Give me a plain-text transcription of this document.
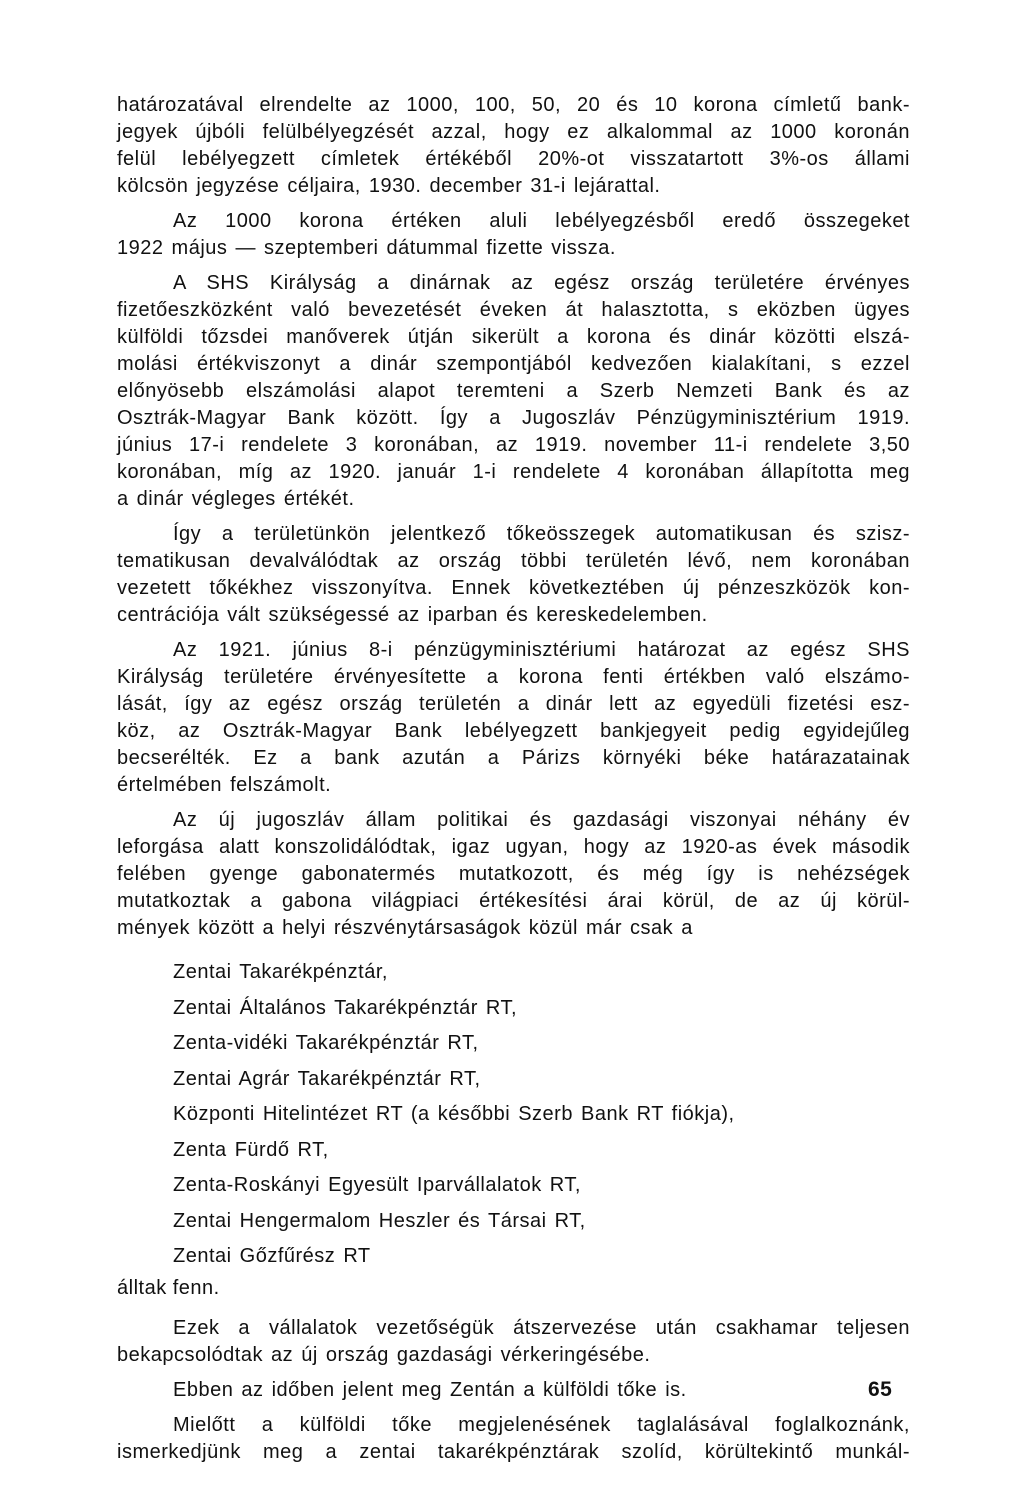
határozatával elrendelte az 1000, 100, 50, 20 és 10 korona címletű bank-
jegyek újbóli felülbélyegzését azzal, hogy ez alkalommal az 1000 koronán
felül lebélyegzett címletek értékéből 20%-ot visszatartott 3%-os állami
kölcsön jegyzése céljaira, 1930. december 31-i lejárattal.

Az 1000 korona értéken aluli lebélyegzésből eredő összegeket
1922 május — szeptemberi dátummal fizette vissza.

A SHS Királyság a dinárnak az egész ország területére érvényes
fizetőeszközként való bevezetését éveken át halasztotta, s eközben ügyes
külföldi tőzsdei manőverek útján sikerült a korona és dinár közötti elszá-
molási értékviszonyt a dinár szempontjából kedvezően kialakítani, s ezzel
előnyösebb elszámolási alapot teremteni a Szerb Nemzeti Bank és az
Osztrák-Magyar Bank között. Így a Jugoszláv Pénzügyminisztérium 1919.
június 17-i rendelete 3 koronában, az 1919. november 11-i rendelete 3,50
koronában, míg az 1920. január 1-i rendelete 4 koronában állapította meg
a dinár végleges értékét.

Így a területünkön jelentkező tőkeösszegek automatikusan és szisz-
tematikusan devalválódtak az ország többi területén lévő, nem koronában
vezetett tőkékhez visszonyítva. Ennek következtében új pénzeszközök kon-
centrációja vált szükségessé az iparban és kereskedelemben.

Az 1921. június 8-i pénzügyminisztériumi határozat az egész SHS
Királyság területére érvényesítette a korona fenti értékben való elszámo-
lását, így az egész ország területén a dinár lett az egyedüli fizetési esz-
köz, az Osztrák-Magyar Bank lebélyegzett bankjegyeit pedig egyidejűleg
becserélték. Ez a bank azután a Párizs környéki béke határazatainak
értelmében felszámolt.

Az új jugoszláv állam politikai és gazdasági viszonyai néhány év
leforgása alatt konszolidálódtak, igaz ugyan, hogy az 1920-as évek második
felében gyenge gabonatermés mutatkozott, és még így is nehézségek
mutatkoztak a gabona világpiaci értékesítési árai körül, de az új körül-
mények között a helyi részvénytársaságok közül már csak a

Zentai Takarékpénztár,
Zentai Általános Takarékpénztár RT,
Zenta-vidéki Takarékpénztár RT,
Zentai Agrár Takarékpénztár RT,
Központi Hitelintézet RT (a későbbi Szerb Bank RT fiókja),
Zenta Fürdő RT,
Zenta-Roskányi Egyesült Iparvállalatok RT,
Zentai Hengermalom Heszler és Társai RT,
Zentai Gőzfűrész RT

álltak fenn.

Ezek a vállalatok vezetőségük átszervezése után csakhamar teljesen
bekapcsolódtak az új ország gazdasági vérkeringésébe.

Ebben az időben jelent meg Zentán a külföldi tőke is.

Mielőtt a külföldi tőke megjelenésének taglalásával foglalkoznánk,
ismerkedjünk meg a zentai takarékpénztárak szolíd, körültekintő munkál-

65
